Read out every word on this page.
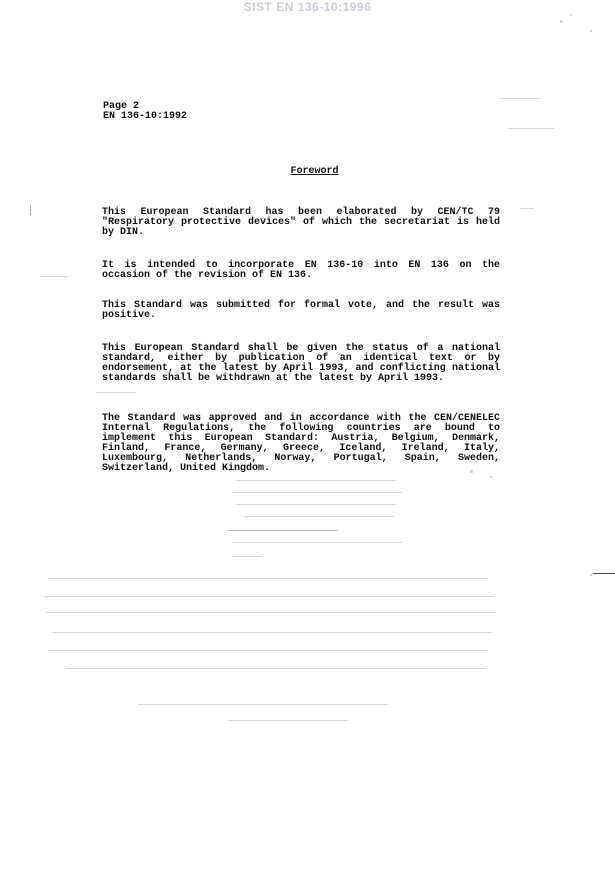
SIST EN 136-10:1996
Page 2
EN 136-10:1992
Foreword
This European Standard has been elaborated by CEN/TC 79 "Respiratory protective devices" of which the secretariat is held by DIN.
It is intended to incorporate EN 136-10 into EN 136 on the occasion of the revision of EN 136.
This Standard was submitted for formal vote, and the result was positive.
This European Standard shall be given the status of a national standard, either by publication of an identical text or by endorsement, at the latest by April 1993, and conflicting national standards shall be withdrawn at the latest by April 1993.
The Standard was approved and in accordance with the CEN/CENELEC Internal Regulations, the following countries are bound to implement this European Standard: Austria, Belgium, Denmark, Finland, France, Germany, Greece, Iceland, Ireland, Italy, Luxembourg, Netherlands, Norway, Portugal, Spain, Sweden, Switzerland, United Kingdom.
